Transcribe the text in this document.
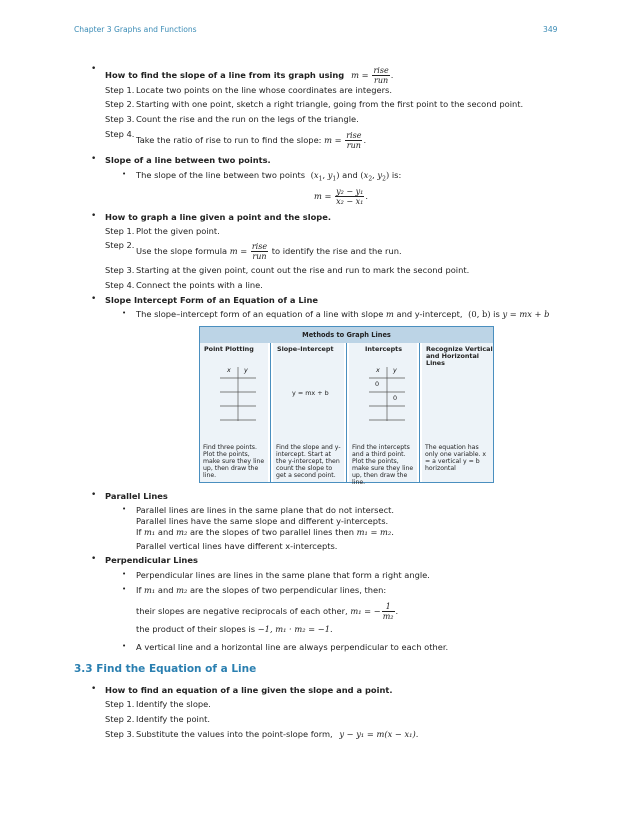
Chapter 3 Graphs and Functions	349
•
How to find the slope of a line from its graph using $m = \frac{\text{rise}}{\text{run}}$ .
Step 1. Locate two points on the line whose coordinates are integers.
Step 2. Starting with one point, sketch a right triangle, going from the first point to the second point.
Step 3. Count the rise and the run on the legs of the triangle.
Step 4.
Take the ratio of rise to run to find the slope: $m = \frac{\text{rise}}{\text{run}}$ .
• Slope of a line between two points.
• The slope of the line between two points ($x_1$, $y_1$) and ($x_2$, $y_2$) is:
$m = \frac{\text{y₂ − y₁}}{\text{x₂ − x₁}}$ .
• How to graph a line given a point and the slope.
Step 1. Plot the given point.
Step 2.
Use the slope formula $m = \frac{\text{rise}}{\text{run}}$ to identify the rise and the run.
Step 3. Starting at the given point, count out the rise and run to mark the second point.
Step 4. Connect the points with a line.
• Slope Intercept Form of an Equation of a Line
• The slope–intercept form of an equation of a line with slope m and y-intercept, (0, b) is y = mx + b
Methods to Graph Lines
Point Plotting
Find three points. Plot the points, make sure they line up, then draw the line.
Slope–Intercept
Find the slope and y-intercept. Start at the y-intercept, then count the slope to get a second point.
Intercepts
Find the intercepts and a third point. Plot the points, make sure they line up, then draw the line.
Recognize Vertical and Horizontal Lines
The equation has only one variable. x = a vertical y = b horizontal
x y
y = mx + b
x y
0
0
• Parallel Lines
• Parallel lines are lines in the same plane that do not intersect.
Parallel lines have the same slope and different y-intercepts.
If m₁ and m₂ are the slopes of two parallel lines then m₁ = m₂.
Parallel vertical lines have different x-intercepts.
• Perpendicular Lines
• Perpendicular lines are lines in the same plane that form a right angle.
• If m₁ and m₂ are the slopes of two perpendicular lines, then:
their slopes are negative reciprocals of each other, m₁ = − $\frac{1}{\text{m₂}}$ .
the product of their slopes is −1, m₁ · m₂ = −1.
• A vertical line and a horizontal line are always perpendicular to each other.
3.3 Find the Equation of a Line
• How to find an equation of a line given the slope and a point.
Step 1. Identify the slope.
Step 2. Identify the point.
Step 3. Substitute the values into the point-slope form, y − y₁ = m(x − x₁).
